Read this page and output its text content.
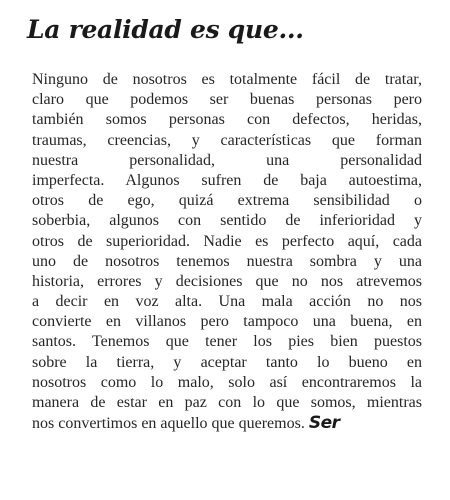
La realidad es que...
Ninguno de nosotros es totalmente fácil de tratar,
claro que podemos ser buenas personas pero
también somos personas con defectos, heridas,
traumas, creencias, y características que forman
nuestra personalidad, una personalidad
imperfecta. Algunos sufren de baja autoestima,
otros de ego, quizá extrema sensibilidad o
soberbia, algunos con sentido de inferioridad y
otros de superioridad. Nadie es perfecto aquí, cada
uno de nosotros tenemos nuestra sombra y una
historia, errores y decisiones que no nos atrevemos
a decir en voz alta. Una mala acción no nos
convierte en villanos pero tampoco una buena, en
santos. Tenemos que tener los pies bien puestos
sobre la tierra, y aceptar tanto lo bueno en
nosotros como lo malo, solo así encontraremos la
manera de estar en paz con lo que somos, mientras
nos convertimos en aquello que queremos. Ser
